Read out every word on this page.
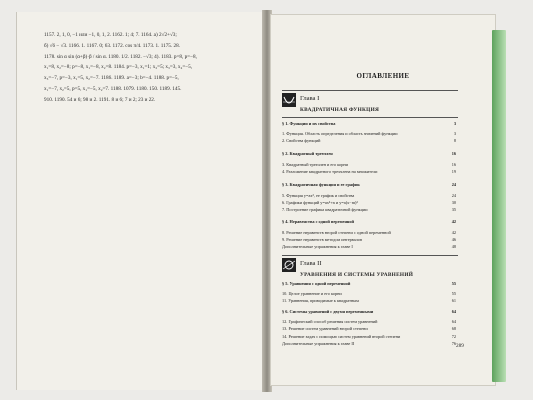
1157. 2, 1, 0, −1 или −1, 0, 1, 2. 1162. 1; 4; 7. 1164. а) 2√2+√3;
б) √6 − √3. 1166. 1. 1167. 0; 63. 1172. cos π/4. 1173. 1. 1175. 28.
1178. sin α sin (α+β)·β / sin α. 1180. 1/2. 1182. −√3; 4). 1183. p=8, p=−8,
x₁=8, x₂=−8; p=−8, x₁=−8, x₂=8. 1184. p=−3, x₁=1; x₂=5; x₃=3, x₄=−5,
x₅=−7, p=−3, x₁=5, x₂=−7. 1186. 1189. a=−3; b=−4. 1188. p=−5,
x₁=−7, x₂=5, p=5, x₁=−5, x₂=7. 1188. 1079. 1180. 150. 1189. 145.
910. 1190. 54 и 6; 98 и 2. 1191. 8 и 6; 7 и 2; 23 и 22.
ОГЛАВЛЕНИЕ
Глава I
КВАДРАТИЧНАЯ ФУНКЦИЯ
§ 1. Функции и их свойства	3
1. Функция. Область определения и область значений функции	3
2. Свойства функций	8
§ 2. Квадратный трехчлен	16
3. Квадратный трехчлен и его корни	16
4. Разложение квадратного трехчлена на множители	19
§ 3. Квадратичная функция и ее график	24
5. Функция y=ax², ее график и свойства	24
6. Графики функций y=ax²+n и y=a(x−m)²	30
7. Построение графика квадратичной функции	35
§ 4. Неравенства с одной переменной	42
8. Решение неравенств второй степени с одной переменной	42
9. Решение неравенств методом интервалов	46
Дополнительные упражнения к главе I	48
Глава II
УРАВНЕНИЯ И СИСТЕМЫ УРАВНЕНИЙ
§ 5. Уравнения с одной переменной	55
10. Целое уравнение и его корни	55
11. Уравнения, приводимые к квадратным	61
§ 6. Системы уравнений с двумя переменными	64
12. Графический способ решения систем уравнений	64
13. Решение систем уравнений второй степени	68
14. Решение задач с помощью систем уравнений второй степени	72
Дополнительные упражнения к главе II	76 289
